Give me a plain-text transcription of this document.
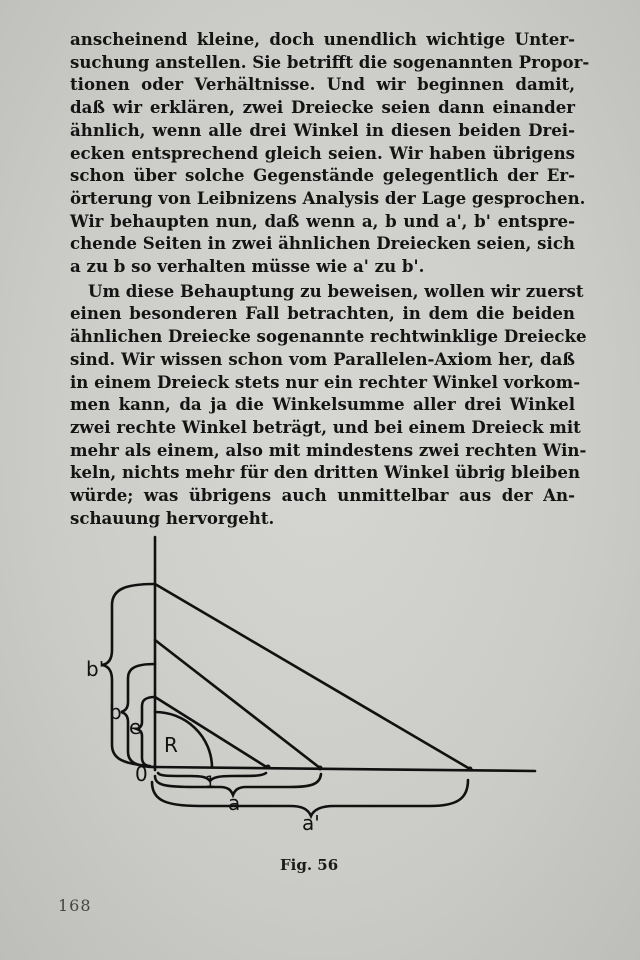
anscheinend kleine, doch unendlich wichtige Unter-
suchung anstellen. Sie betrifft die sogenannten Propor-
tionen oder Verhältnisse. Und wir beginnen damit,
daß wir erklären, zwei Dreiecke seien dann einander
ähnlich, wenn alle drei Winkel in diesen beiden Drei-
ecken entsprechend gleich seien. Wir haben übrigens
schon über solche Gegenstände gelegentlich der Er-
örterung von Leibnizens Analysis der Lage gesprochen.
Wir behaupten nun, daß wenn a, b und a', b' entspre-
chende Seiten in zwei ähnlichen Dreiecken seien, sich
a zu b so verhalten müsse wie a' zu b'.

Um diese Behauptung zu beweisen, wollen wir zuerst
einen besonderen Fall betrachten, in dem die beiden
ähnlichen Dreiecke sogenannte rechtwinklige Dreiecke
sind. Wir wissen schon vom Parallelen-Axiom her, daß
in einem Dreieck stets nur ein rechter Winkel vorkom-
men kann, da ja die Winkelsumme aller drei Winkel
zwei rechte Winkel beträgt, und bei einem Dreieck mit
mehr als einem, also mit mindestens zwei rechten Win-
keln, nichts mehr für den dritten Winkel übrig bleiben
würde; was übrigens auch unmittelbar aus der An-
schauung hervorgeht.

b'
b
e
R
0	1
a
a'
Fig. 56
168
